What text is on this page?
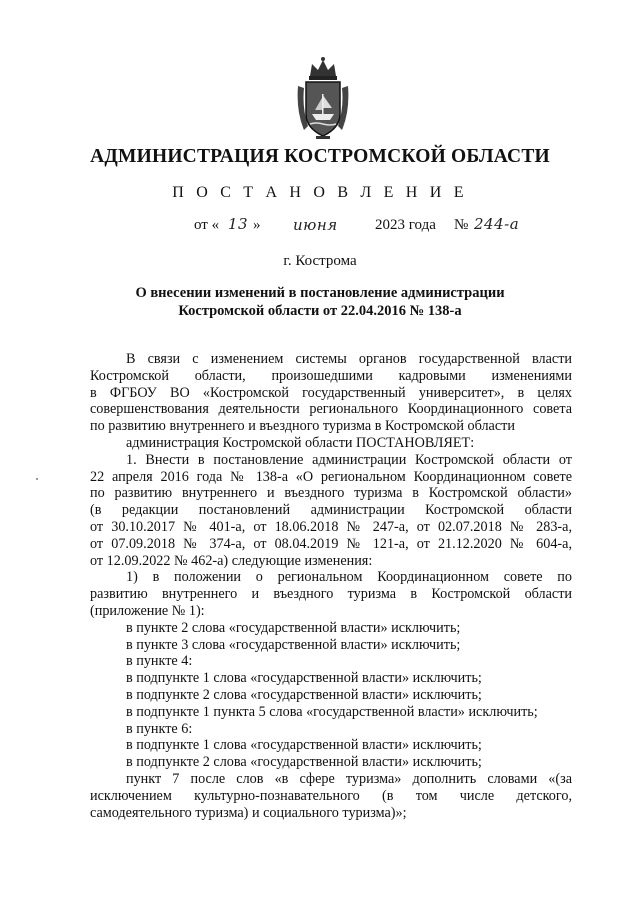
АДМИНИСТРАЦИЯ КОСТРОМСКОЙ ОБЛАСТИ
П О С Т А Н О В Л Е Н И Е
от « 13 » июня 2023 года № 244-а
г. Кострома
О внесении изменений в постановление администрации
Костромской области от 22.04.2016 № 138-а

В связи с изменением системы органов государственной власти

Костромской области, произошедшими кадровыми изменениями
в ФГБОУ ВО «Костромской государственный университет», в целях
совершенствования деятельности регионального Координационного совета
по развитию внутреннего и въездного туризма в Костромской области

администрация Костромской области ПОСТАНОВЛЯЕТ:

1. Внести в постановление администрации Костромской области от

22 апреля 2016 года № 138-а «О региональном Координационном совете
по развитию внутреннего и въездного туризма в Костромской области»
(в редакции постановлений администрации Костромской области
от 30.10.2017 № 401-а, от 18.06.2018 № 247-а, от 02.07.2018 № 283-а,
от 07.09.2018 № 374-а, от 08.04.2019 № 121-а, от 21.12.2020 № 604-а,
от 12.09.2022 № 462-а) следующие изменения:

1) в положении о региональном Координационном совете по

развитию внутреннего и въездного туризма в Костромской области
(приложение № 1):

в пункте 2 слова «государственной власти» исключить;

в пункте 3 слова «государственной власти» исключить;

в пункте 4:

в подпункте 1 слова «государственной власти» исключить;

в подпункте 2 слова «государственной власти» исключить;

в подпункте 1 пункта 5 слова «государственной власти» исключить;

в пункте 6:

в подпункте 1 слова «государственной власти» исключить;

в подпункте 2 слова «государственной власти» исключить;

пункт 7 после слов «в сфере туризма» дополнить словами «(за

исключением культурно-познавательного (в том числе детского,
самодеятельного туризма) и социального туризма)»;
